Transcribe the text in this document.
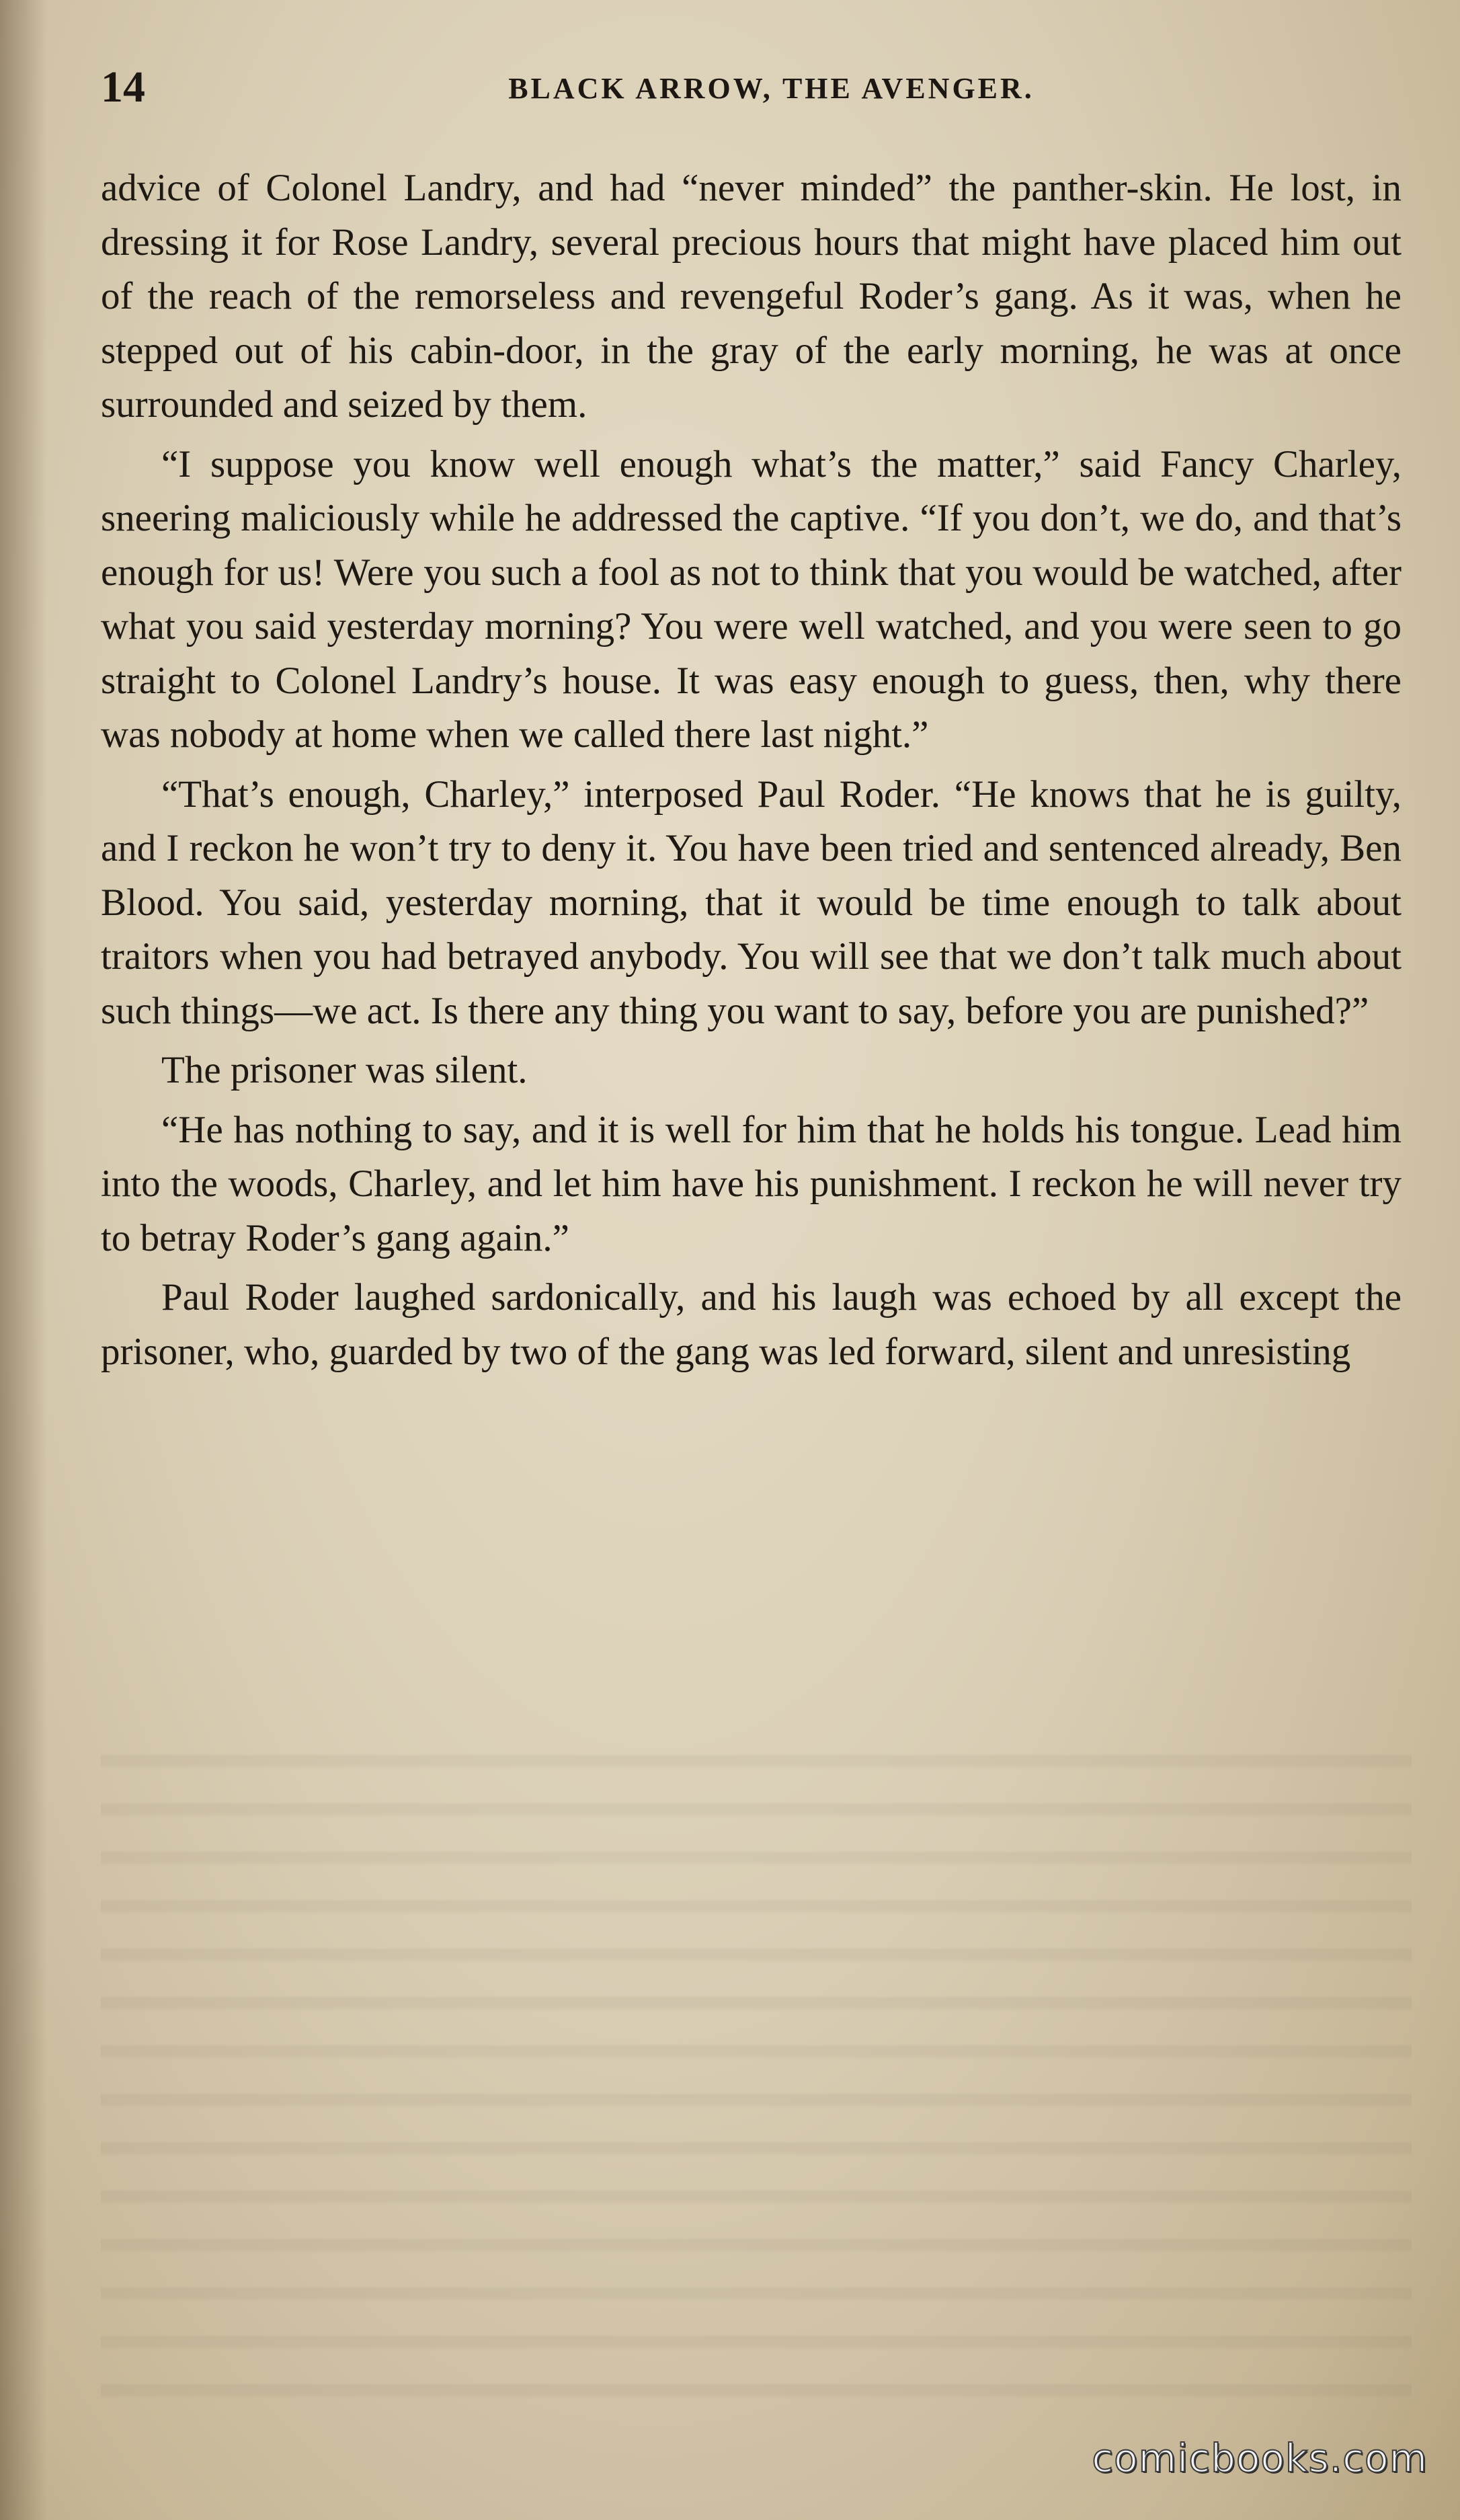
14	BLACK ARROW, THE AVENGER.

advice of Colonel Landry, and had “never minded” the panther-skin. He lost, in dressing it for Rose Landry, several precious hours that might have placed him out of the reach of the remorseless and revengeful Roder’s gang. As it was, when he stepped out of his cabin-door, in the gray of the early morning, he was at once surrounded and seized by them.

“I suppose you know well enough what’s the matter,” said Fancy Charley, sneering maliciously while he addressed the captive. “If you don’t, we do, and that’s enough for us! Were you such a fool as not to think that you would be watched, after what you said yesterday morning? You were well watched, and you were seen to go straight to Colonel Landry’s house. It was easy enough to guess, then, why there was nobody at home when we called there last night.”

“That’s enough, Charley,” interposed Paul Roder. “He knows that he is guilty, and I reckon he won’t try to deny it. You have been tried and sentenced already, Ben Blood. You said, yesterday morning, that it would be time enough to talk about traitors when you had betrayed anybody. You will see that we don’t talk much about such things—we act. Is there any thing you want to say, before you are punished?”

The prisoner was silent.

“He has nothing to say, and it is well for him that he holds his tongue. Lead him into the woods, Charley, and let him have his punishment. I reckon he will never try to betray Roder’s gang again.”

Paul Roder laughed sardonically, and his laugh was echoed by all except the prisoner, who, guarded by two of the gang was led forward, silent and unresisting

comicbooks.com
